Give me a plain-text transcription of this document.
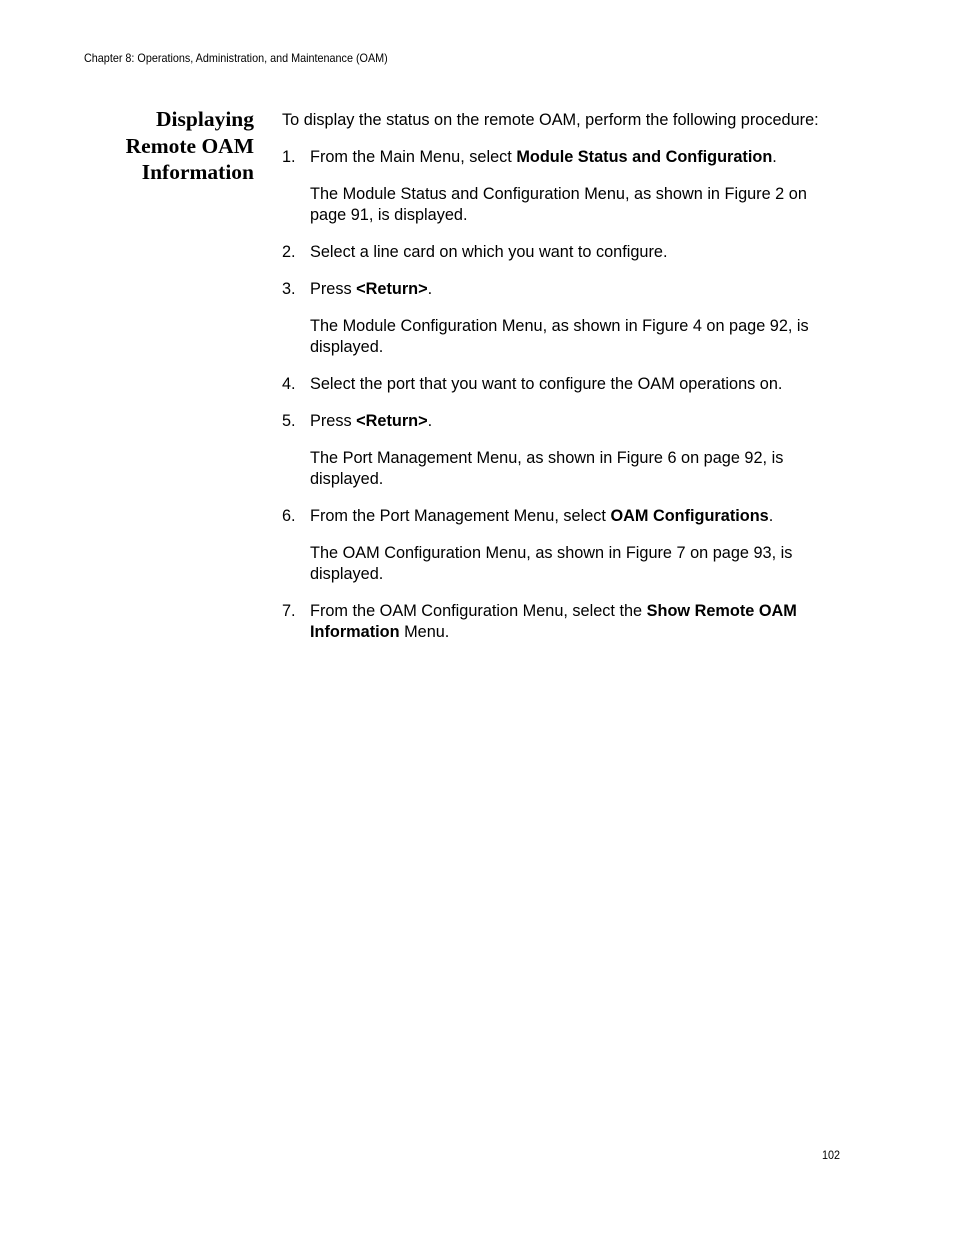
Chapter 8: Operations, Administration, and Maintenance (OAM)
Displaying
Remote OAM
Information

To display the status on the remote OAM, perform the following procedure:

1. From the Main Menu, select Module Status and Configuration.

The Module Status and Configuration Menu, as shown in Figure 2 on page 91, is displayed.

2. Select a line card on which you want to configure.
3. Press <Return>.

The Module Configuration Menu, as shown in Figure 4 on page 92, is displayed.

4. Select the port that you want to configure the OAM operations on.
5. Press <Return>.

The Port Management Menu, as shown in Figure 6 on page 92, is displayed.

6. From the Port Management Menu, select OAM Configurations.

The OAM Configuration Menu, as shown in Figure 7 on page 93, is displayed.

7. From the OAM Configuration Menu, select the Show Remote OAM Information Menu.
102
